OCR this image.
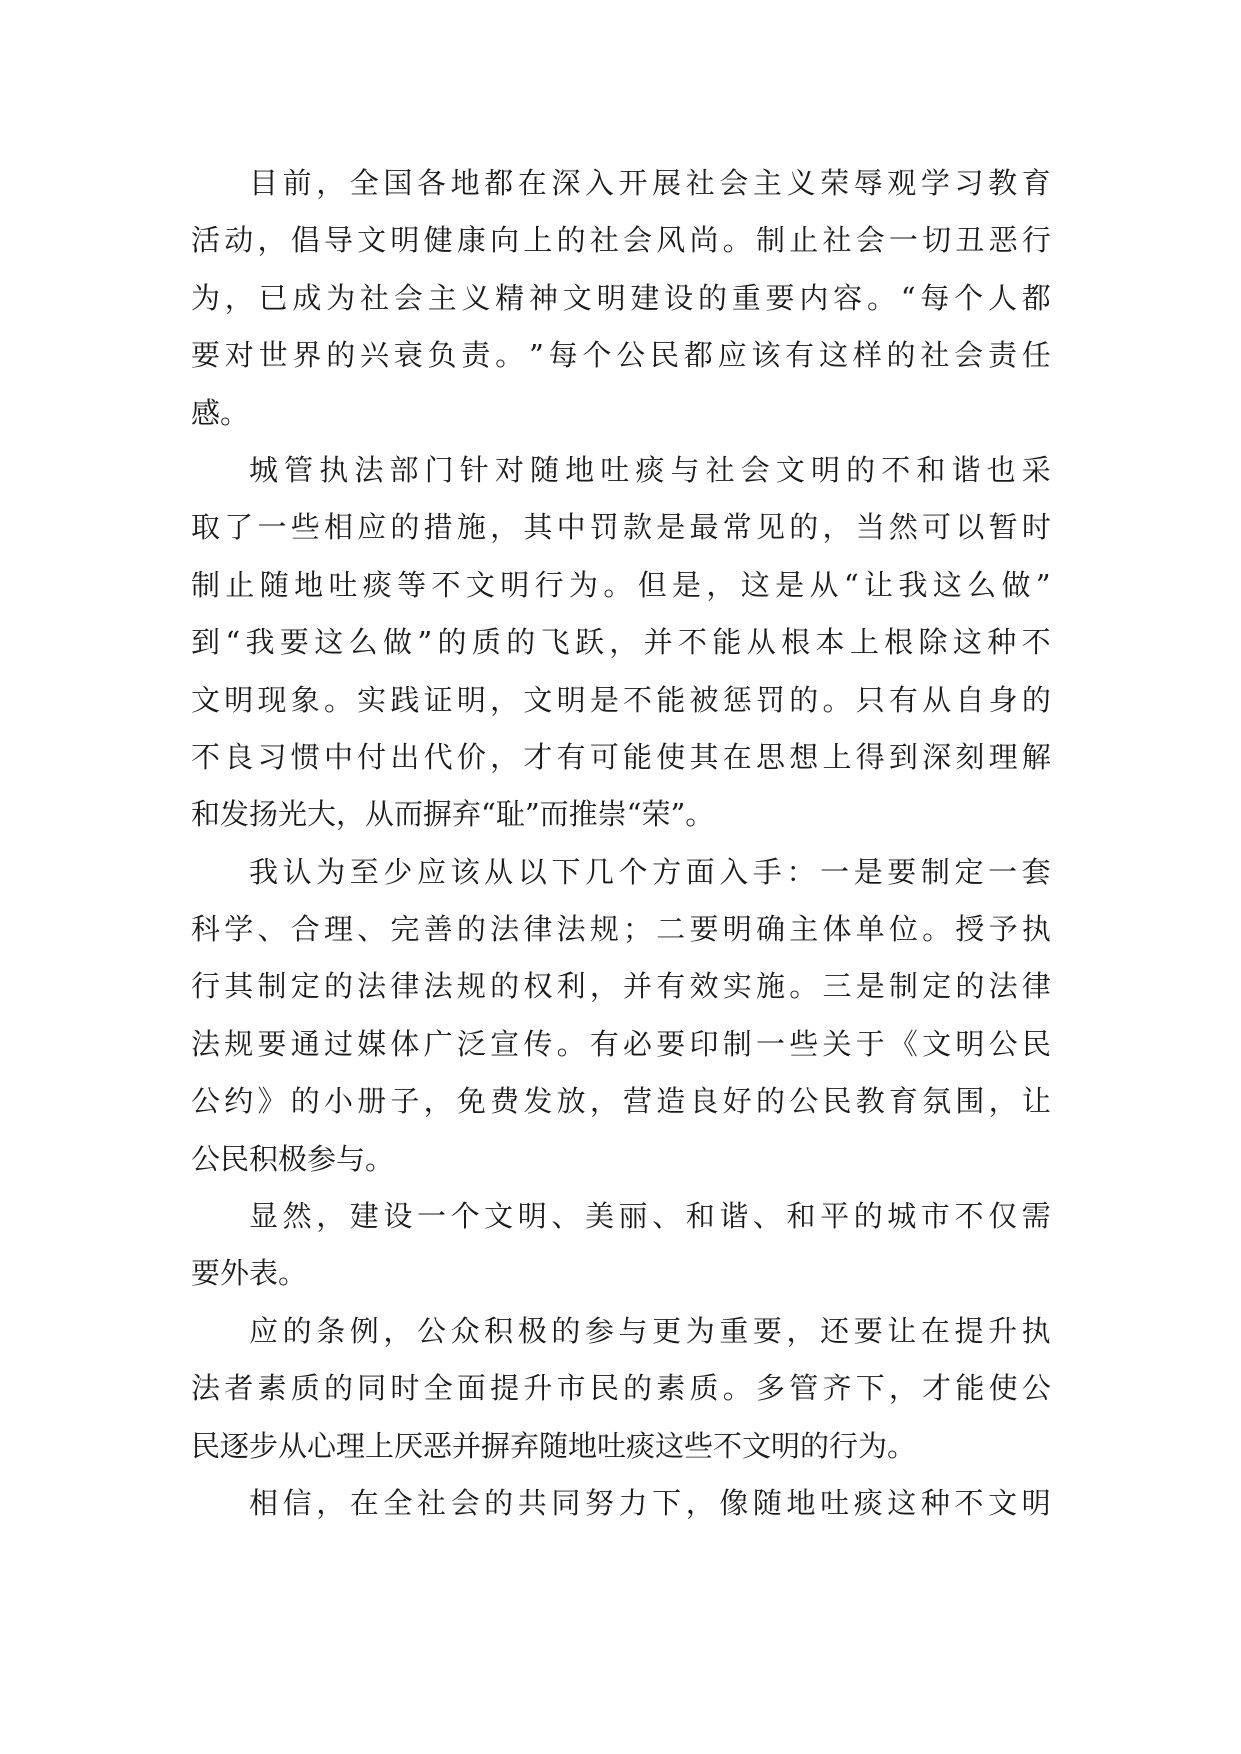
目 前 ， 全 国 各 地 都 在 深 入 开 展 社 会 主 义 荣 辱 观 学 习 教 育
活 动 ， 倡 导 文 明 健 康 向 上 的 社 会 风 尚 。 制 止 社 会 一 切 丑 恶 行
为 ， 已 成 为 社 会 主 义 精 神 文 明 建 设 的 重 要 内 容 。 “ 每 个 人 都
要 对 世 界 的 兴 衰 负 责 。 ” 每 个 公 民 都 应 该 有 这 样 的 社 会 责 任
感。
城 管 执 法 部 门 针 对 随 地 吐 痰 与 社 会 文 明 的 不 和 谐 也 采
取 了 一 些 相 应 的 措 施 ， 其 中 罚 款 是 最 常 见 的 ， 当 然 可 以 暂 时
制 止 随 地 吐 痰 等 不 文 明 行 为 。 但 是 ， 这 是 从 “ 让 我 这 么 做 ”
到 “ 我 要 这 么 做 ” 的 质 的 飞 跃 ， 并 不 能 从 根 本 上 根 除 这 种 不
文 明 现 象 。 实 践 证 明 ， 文 明 是 不 能 被 惩 罚 的 。 只 有 从 自 身 的
不 良 习 惯 中 付 出 代 价 ， 才 有 可 能 使 其 在 思 想 上 得 到 深 刻 理 解
和发扬光大，从而摒弃“耻”而推崇“荣”。
我 认 为 至 少 应 该 从 以 下 几 个 方 面 入 手 ： 一 是 要 制 定 一 套
科 学 、 合 理 、 完 善 的 法 律 法 规 ； 二 要 明 确 主 体 单 位 。 授 予 执
行 其 制 定 的 法 律 法 规 的 权 利 ， 并 有 效 实 施 。 三 是 制 定 的 法 律
法 规 要 通 过 媒 体 广 泛 宣 传 。 有 必 要 印 制 一 些 关 于 《 文 明 公 民
公 约 》 的 小 册 子 ， 免 费 发 放 ， 营 造 良 好 的 公 民 教 育 氛 围 ， 让
公民积极参与。
显 然 ， 建 设 一 个 文 明 、 美 丽 、 和 谐 、 和 平 的 城 市 不 仅 需
要外表。
应 的 条 例 ， 公 众 积 极 的 参 与 更 为 重 要 ， 还 要 让 在 提 升 执
法 者 素 质 的 同 时 全 面 提 升 市 民 的 素 质 。 多 管 齐 下 ， 才 能 使 公
民逐步从心理上厌恶并摒弃随地吐痰这些不文明的行为。
相 信 ， 在 全 社 会 的 共 同 努 力 下 ， 像 随 地 吐 痰 这 种 不 文 明
